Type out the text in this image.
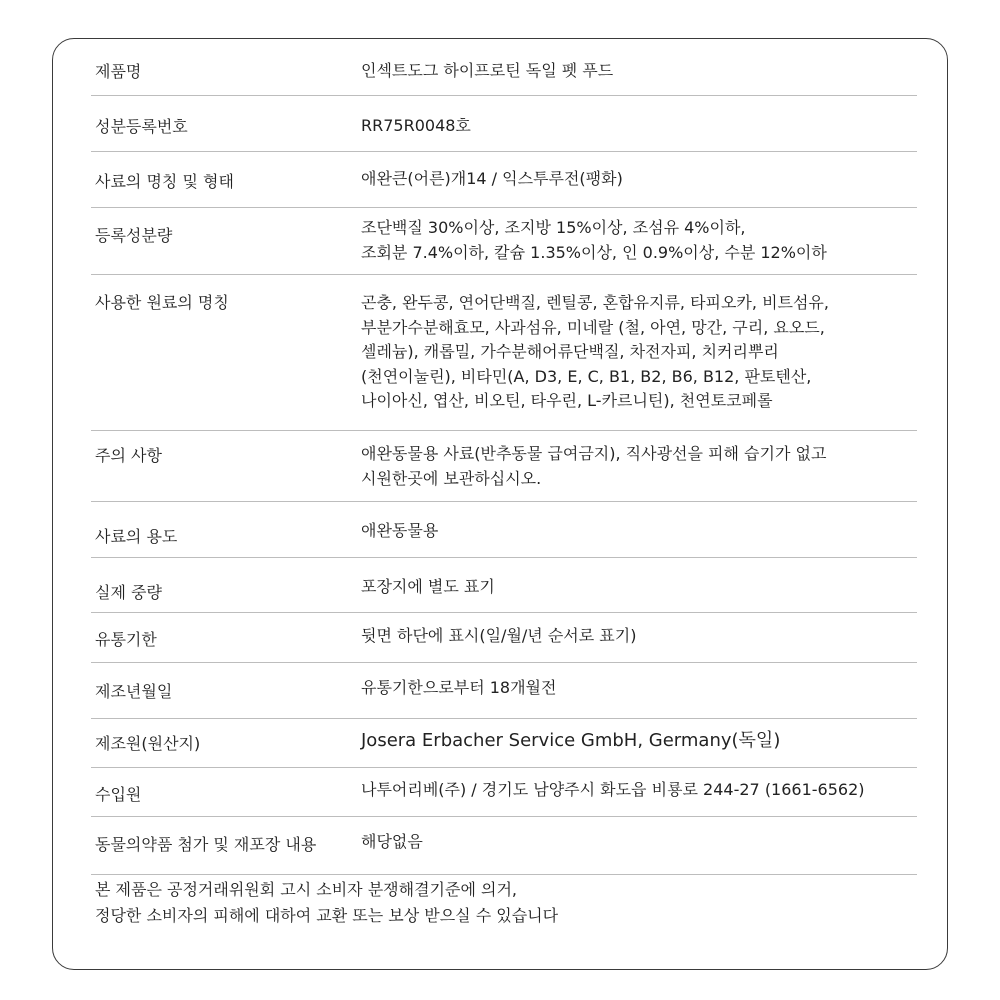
제품명	인섹트도그 하이프로틴 독일 펫 푸드
성분등록번호	RR75R0048호
사료의 명칭 및 형태	애완큰(어른)개14 / 익스투루전(팽화)
등록성분량	조단백질 30%이상, 조지방 15%이상, 조섬유 4%이하,
조회분 7.4%이하, 칼슘 1.35%이상, 인 0.9%이상, 수분 12%이하
사용한 원료의 명칭	곤충, 완두콩, 연어단백질, 렌틸콩, 혼합유지류, 타피오카, 비트섬유,
부분가수분해효모, 사과섬유, 미네랄 (철, 아연, 망간, 구리, 요오드,
셀레늄), 캐롭밀, 가수분해어류단백질, 차전자피, 치커리뿌리
(천연이눌린), 비타민(A, D3, E, C, B1, B2, B6, B12, 판토텐산,
나이아신, 엽산, 비오틴, 타우린, L-카르니틴), 천연토코페롤
주의 사항	애완동물용 사료(반추동물 급여금지), 직사광선을 피해 습기가 없고
시원한곳에 보관하십시오.
사료의 용도	애완동물용
실제 중량	포장지에 별도 표기
유통기한	뒷면 하단에 표시(일/월/년 순서로 표기)
제조년월일	유통기한으로부터 18개월전
제조원(원산지)	Josera Erbacher Service GmbH, Germany(독일)
수입원	나투어리베(주) / 경기도 남양주시 화도읍 비룡로 244-27 (1661-6562)
동물의약품 첨가 및 재포장 내용	해당없음
본 제품은 공정거래위원회 고시 소비자 분쟁해결기준에 의거,
정당한 소비자의 피해에 대하여 교환 또는 보상 받으실 수 있습니다
